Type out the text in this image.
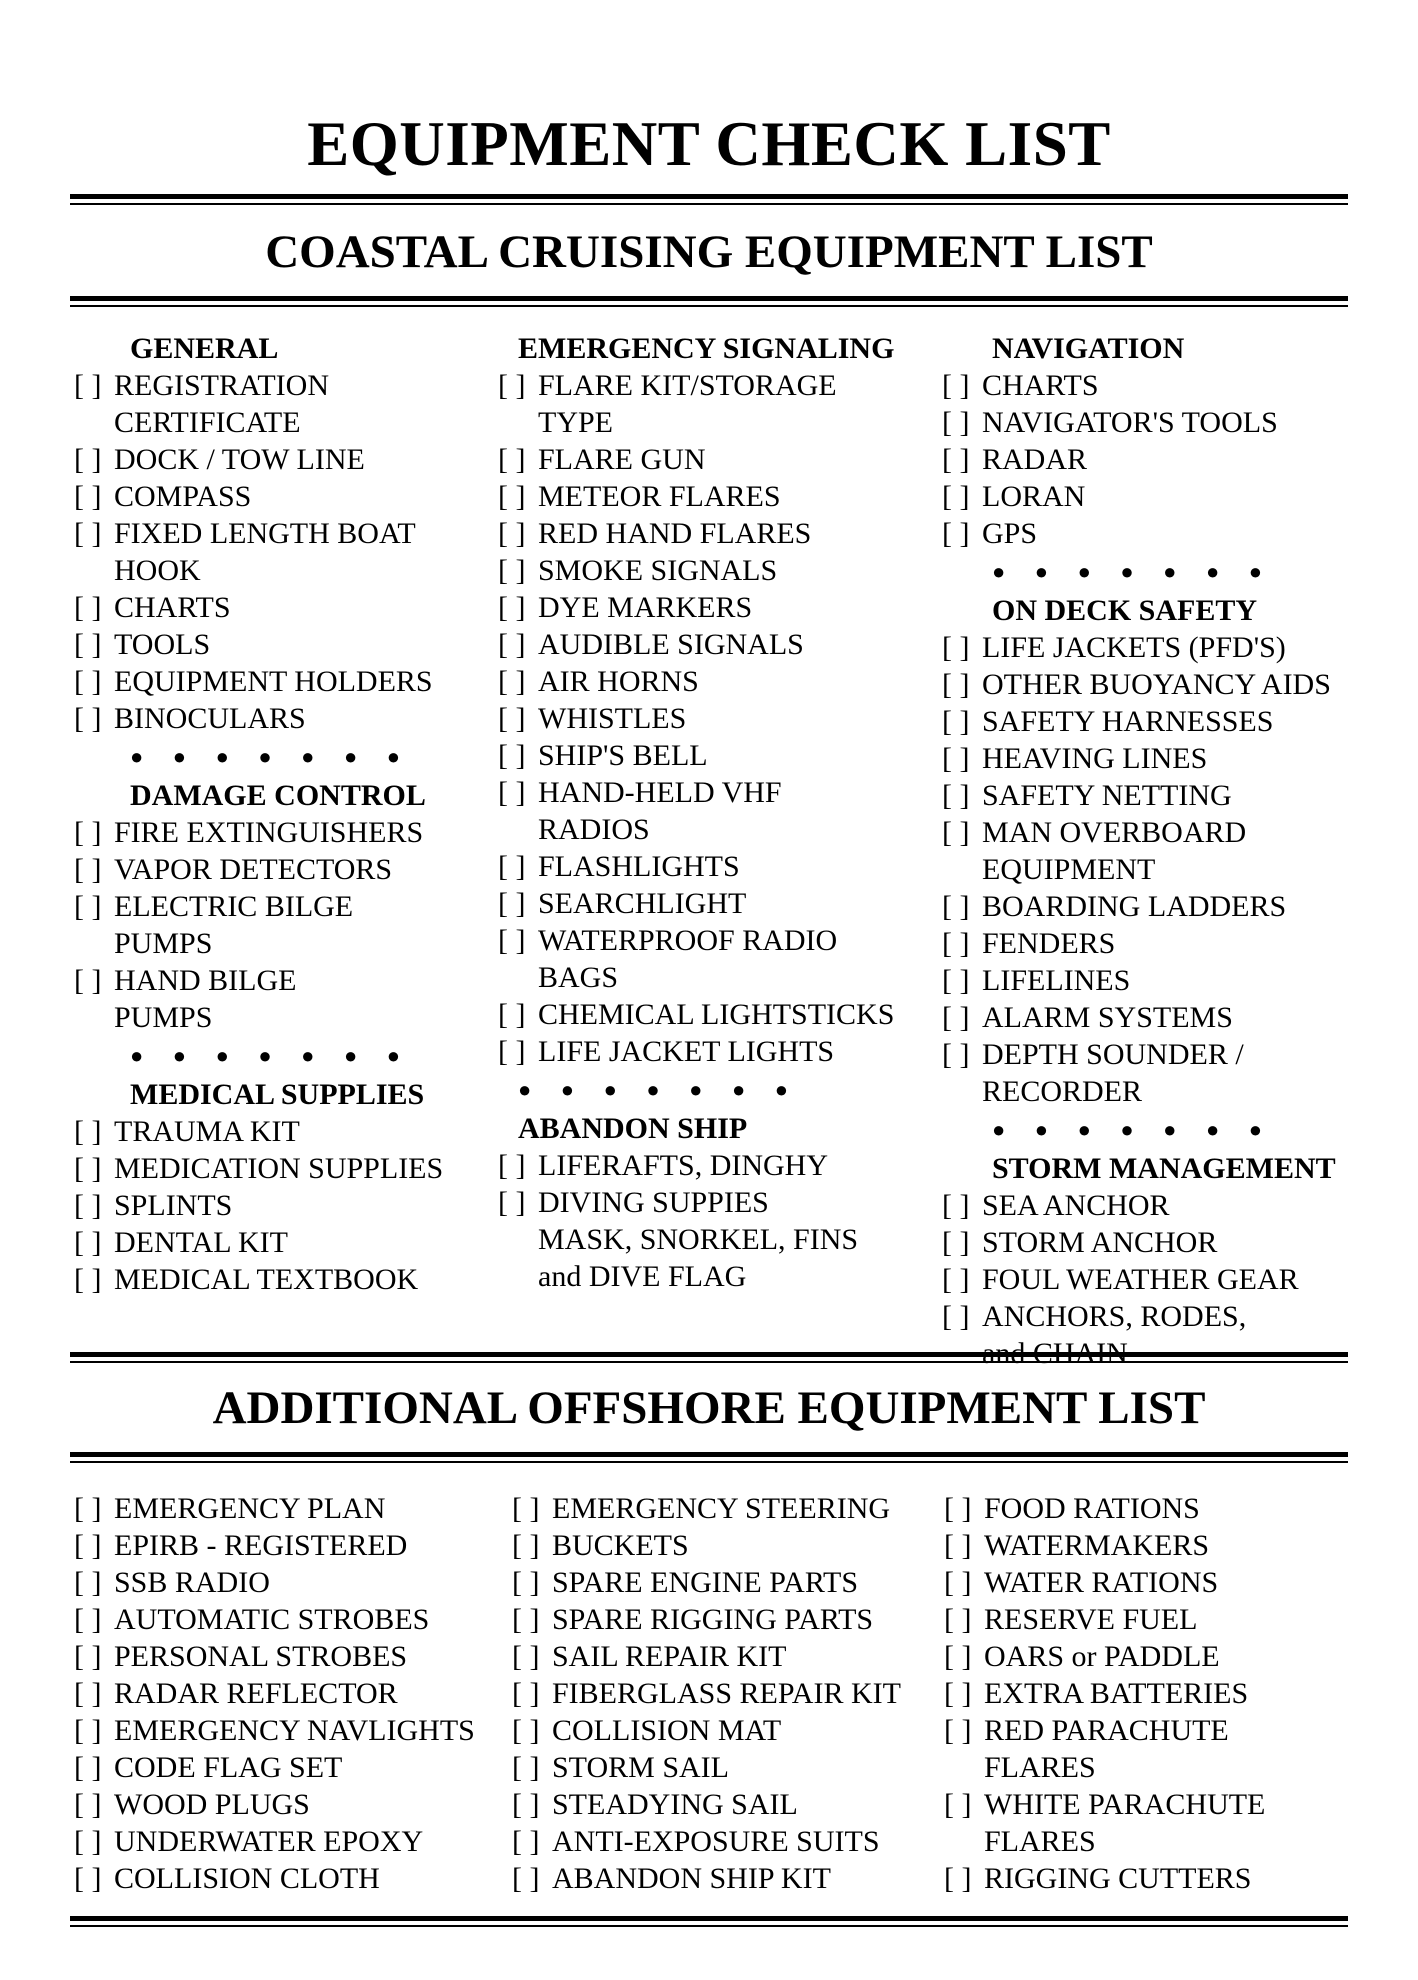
EQUIPMENT CHECK LIST
COASTAL CRUISING EQUIPMENT LIST
GENERAL
[ ] REGISTRATION
CERTIFICATE
[ ] DOCK / TOW LINE
[ ] COMPASS
[ ] FIXED LENGTH BOAT
HOOK
[ ] CHARTS
[ ] TOOLS
[ ] EQUIPMENT HOLDERS
[ ] BINOCULARS
● ● ● ● ● ● ●
DAMAGE CONTROL
[ ] FIRE EXTINGUISHERS
[ ] VAPOR DETECTORS
[ ] ELECTRIC BILGE
PUMPS
[ ] HAND BILGE
PUMPS
● ● ● ● ● ● ●
MEDICAL SUPPLIES
[ ] TRAUMA KIT
[ ] MEDICATION SUPPLIES
[ ] SPLINTS
[ ] DENTAL KIT
[ ] MEDICAL TEXTBOOK
EMERGENCY SIGNALING
[ ] FLARE KIT/STORAGE
TYPE
[ ] FLARE GUN
[ ] METEOR FLARES
[ ] RED HAND FLARES
[ ] SMOKE SIGNALS
[ ] DYE MARKERS
[ ] AUDIBLE SIGNALS
[ ] AIR HORNS
[ ] WHISTLES
[ ] SHIP'S BELL
[ ] HAND-HELD VHF
RADIOS
[ ] FLASHLIGHTS
[ ] SEARCHLIGHT
[ ] WATERPROOF RADIO
BAGS
[ ] CHEMICAL LIGHTSTICKS
[ ] LIFE JACKET LIGHTS
● ● ● ● ● ● ●
ABANDON SHIP
[ ] LIFERAFTS, DINGHY
[ ] DIVING SUPPIES
MASK, SNORKEL, FINS
and DIVE FLAG
NAVIGATION
[ ] CHARTS
[ ] NAVIGATOR'S TOOLS
[ ] RADAR
[ ] LORAN
[ ] GPS
● ● ● ● ● ● ●
ON DECK SAFETY
[ ] LIFE JACKETS (PFD'S)
[ ] OTHER BUOYANCY AIDS
[ ] SAFETY HARNESSES
[ ] HEAVING LINES
[ ] SAFETY NETTING
[ ] MAN OVERBOARD
EQUIPMENT
[ ] BOARDING LADDERS
[ ] FENDERS
[ ] LIFELINES
[ ] ALARM SYSTEMS
[ ] DEPTH SOUNDER /
RECORDER
● ● ● ● ● ● ●
STORM MANAGEMENT
[ ] SEA ANCHOR
[ ] STORM ANCHOR
[ ] FOUL WEATHER GEAR
[ ] ANCHORS, RODES,
and CHAIN
ADDITIONAL OFFSHORE EQUIPMENT LIST
[ ] EMERGENCY PLAN
[ ] EPIRB - REGISTERED
[ ] SSB RADIO
[ ] AUTOMATIC STROBES
[ ] PERSONAL STROBES
[ ] RADAR REFLECTOR
[ ] EMERGENCY NAVLIGHTS
[ ] CODE FLAG SET
[ ] WOOD PLUGS
[ ] UNDERWATER EPOXY
[ ] COLLISION CLOTH
[ ] EMERGENCY STEERING
[ ] BUCKETS
[ ] SPARE ENGINE PARTS
[ ] SPARE RIGGING PARTS
[ ] SAIL REPAIR KIT
[ ] FIBERGLASS REPAIR KIT
[ ] COLLISION MAT
[ ] STORM SAIL
[ ] STEADYING SAIL
[ ] ANTI-EXPOSURE SUITS
[ ] ABANDON SHIP KIT
[ ] FOOD RATIONS
[ ] WATERMAKERS
[ ] WATER RATIONS
[ ] RESERVE FUEL
[ ] OARS or PADDLE
[ ] EXTRA BATTERIES
[ ] RED PARACHUTE
FLARES
[ ] WHITE PARACHUTE
FLARES
[ ] RIGGING CUTTERS
